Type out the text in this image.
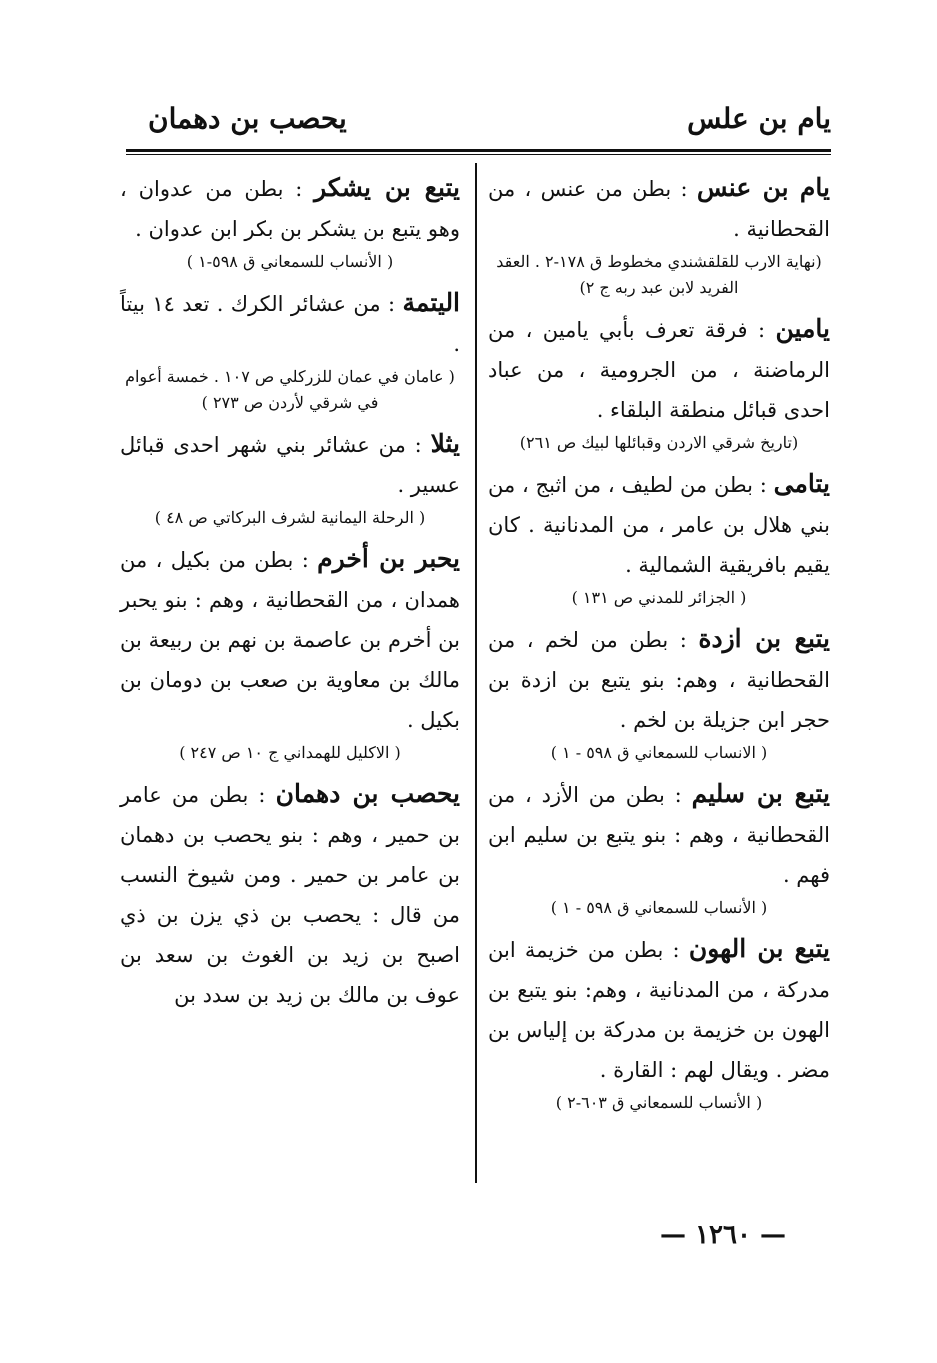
يام بن علس
يحصب بن دهمان

يام بن عنس : بطن من عنس ، من القحطانية .

(نهاية الارب للقلقشندي مخطوط ق ١٧٨-٢ . العقد الفريد لابن عبد ربه ج ٢)

يامين : فرقة تعرف بأبي يامين ، من الرماضنة ، من الجرومية ، من عباد احدى قبائل منطقة البلقاء .

(تاريخ شرقي الاردن وقبائلها لبيك ص ٢٦١)

يتامى : بطن من لطيف ، من اثبج ، من بني هلال بن عامر ، من المدنانية . كان يقيم بافريقية الشمالية .

( الجزائر للمدني ص ١٣١ )

يتبع بن ازدة : بطن من لخم ، من القحطانية ، وهم: بنو يتبع بن ازدة بن حجر ابن جزيلة بن لخم .

( الانساب للسمعاني ق ٥٩٨ - ١ )

يتبع بن سليم : بطن من الأزد ، من القحطانية ، وهم : بنو يتبع بن سليم ابن فهم .

( الأنساب للسمعاني ق ٥٩٨ - ١ )

يتبع بن الهون : بطن من خزيمة ابن مدركة ، من المدنانية ، وهم: بنو يتبع بن الهون بن خزيمة بن مدركة بن إلياس بن مضر . ويقال لهم : القارة .

( الأنساب للسمعاني ق ٦٠٣-٢ )

يتبع بن يشكر : بطن من عدوان ، وهو يتبع بن يشكر بن بكر ابن عدوان .

( الأنساب للسمعاني ق ٥٩٨-١ )

اليتمة : من عشائر الكرك . تعد ١٤ بيتاً .

( عامان في عمان للزركلي ص ١٠٧ . خمسة أعوام في شرقي لأردن ص ٢٧٣ )

يثلا : من عشائر بني شهر احدى قبائل عسير .

( الرحلة اليمانية لشرف البركاتي ص ٤٨ )

يحبر بن أخرم : بطن من بكيل ، من همدان ، من القحطانية ، وهم : بنو يحبر بن أخرم بن عاصمة بن نهم بن ربيعة بن مالك بن معاوية بن صعب بن دومان بن بكيل .

( الاكليل للهمداني ج ١٠ ص ٢٤٧ )

يحصب بن دهمان : بطن من عامر بن حمير ، وهم : بنو يحصب بن دهمان بن عامر بن حمير . ومن شيوخ النسب من قال : يحصب بن ذي يزن بن ذي اصبح بن زيد بن الغوث بن سعد بن عوف بن مالك بن زيد بن سدد بن

— ١٢٦٠ —
